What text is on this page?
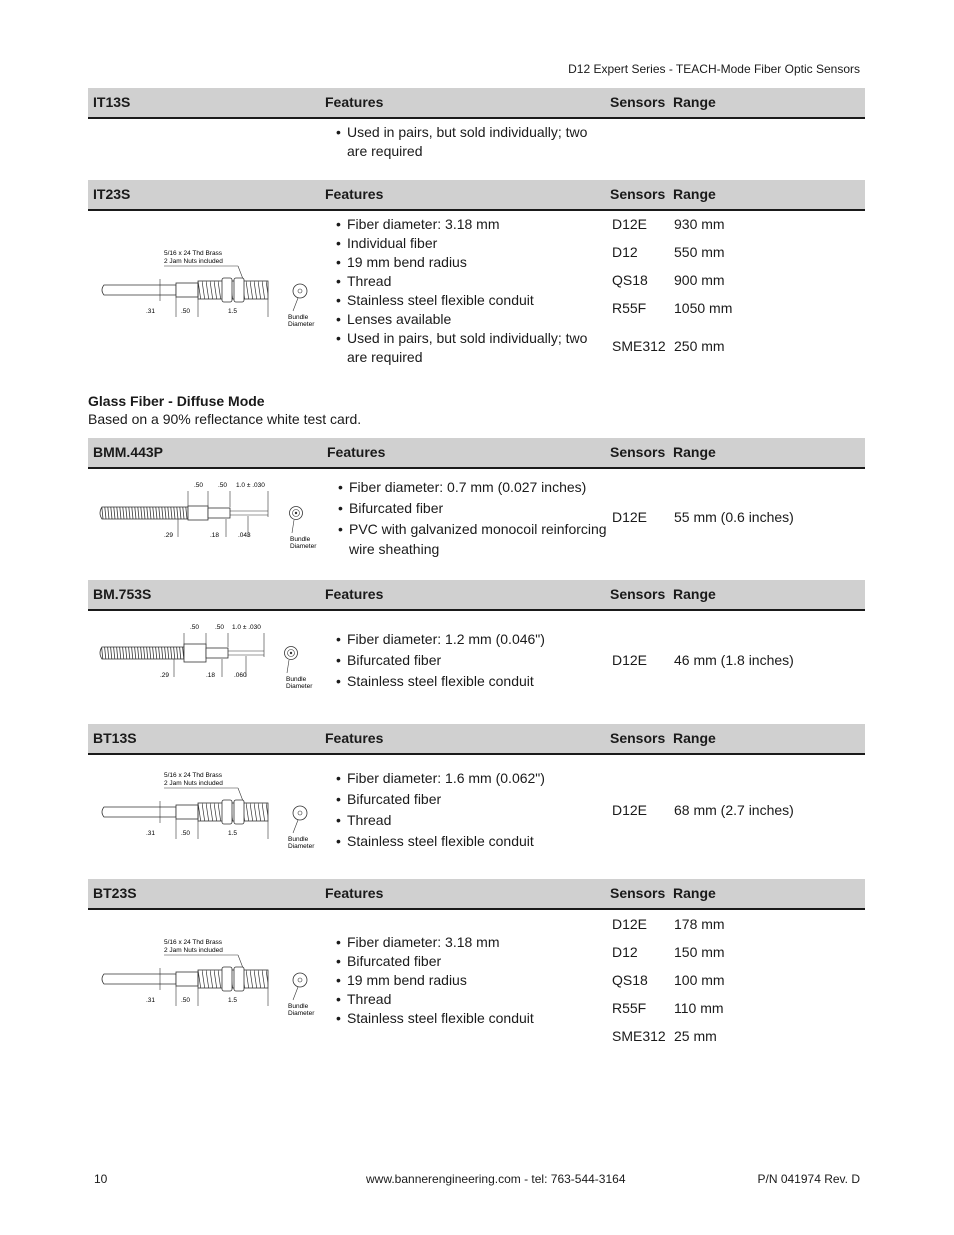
D12 Expert Series - TEACH-Mode Fiber Optic Sensors
IT13S	Features	Sensors Range
• Used in pairs, but sold individually; two are required
IT23S	Features	Sensors Range
5/16 x 24 Thd Brass
2 Jam Nuts included
.31	.50	1.5
Bundle
Diameter
• Fiber diameter: 3.18 mm
• Individual fiber
• 19 mm bend radius
• Thread
• Stainless steel flexible conduit
• Lenses available
• Used in pairs, but sold individually; two are required
D12E 930 mm
D12	550 mm
QS18 900 mm
R55F 1050 mm
SME312 250 mm
Glass Fiber - Diffuse Mode
Based on a 90% reflectance white test card.
BMM.443P	Features	Sensors Range
.50 .50 1.0 ± .030
.29	.18	.043
Bundle
Diameter
• Fiber diameter: 0.7 mm (0.027 inches)
• Bifurcated fiber
• PVC with galvanized monocoil reinforcing wire sheathing
D12E 55 mm (0.6 inches)
BM.753S	Features	Sensors Range
.50 .50 1.0 ± .030
.29	.18	.060
Bundle
Diameter
• Fiber diameter: 1.2 mm (0.046")
• Bifurcated fiber
• Stainless steel flexible conduit
D12E 46 mm (1.8 inches)
BT13S	Features	Sensors Range
5/16 x 24 Thd Brass
2 Jam Nuts included
.31	.50	1.5
Bundle
Diameter
• Fiber diameter: 1.6 mm (0.062")
• Bifurcated fiber
• Thread
• Stainless steel flexible conduit
D12E 68 mm (2.7 inches)
BT23S	Features	Sensors Range
5/16 x 24 Thd Brass
2 Jam Nuts included
.31	.50	1.5
Bundle
Diameter
• Fiber diameter: 3.18 mm
• Bifurcated fiber
• 19 mm bend radius
• Thread
• Stainless steel flexible conduit
D12E 178 mm
D12	150 mm
QS18 100 mm
R55F 110 mm
SME312 25 mm
10	www.bannerengineering.com - tel: 763-544-3164	P/N 041974 Rev. D
